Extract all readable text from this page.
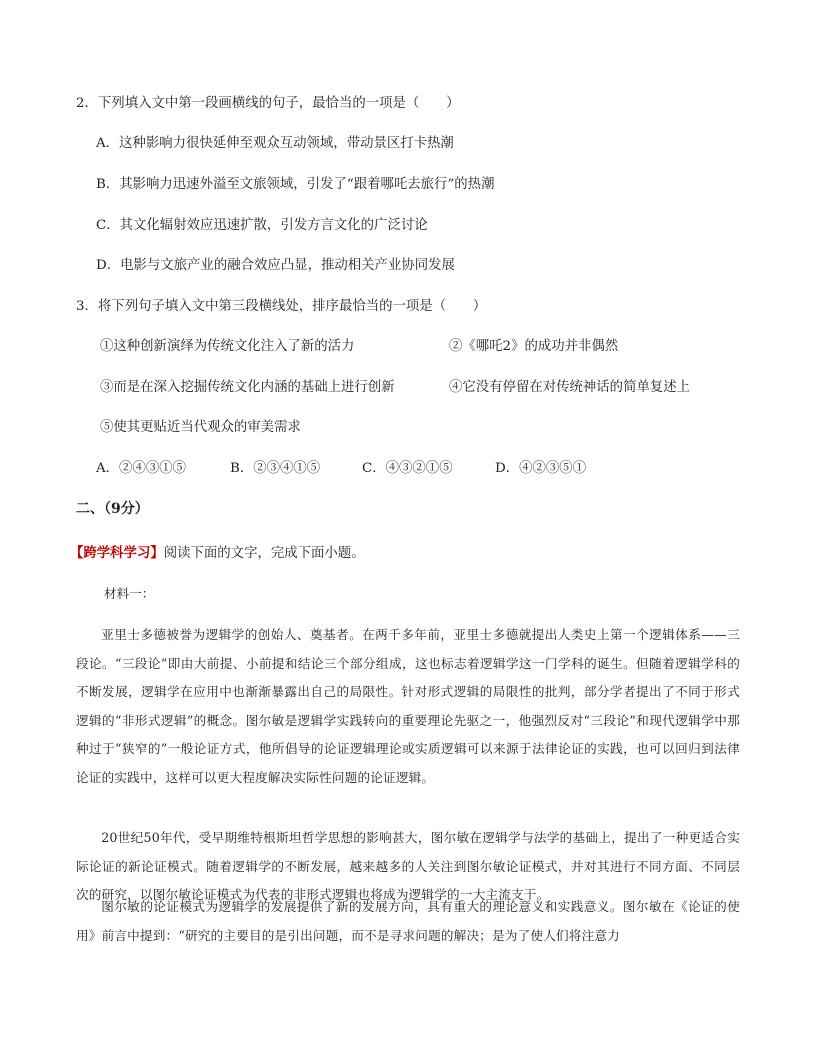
2．下列填入文中第一段画横线的句子，最恰当的一项是（　　）
A．这种影响力很快延伸至观众互动领域，带动景区打卡热潮
B．其影响力迅速外溢至文旅领域，引发了“跟着哪吒去旅行”的热潮
C．其文化辐射效应迅速扩散，引发方言文化的广泛讨论
D．电影与文旅产业的融合效应凸显，推动相关产业协同发展
3．将下列句子填入文中第三段横线处，排序最恰当的一项是（　　）
①这种创新演绎为传统文化注入了新的活力	②《哪吒2》的成功并非偶然
③而是在深入挖掘传统文化内涵的基础上进行创新	④它没有停留在对传统神话的简单复述上
⑤使其更贴近当代观众的审美需求
A．②④③①⑤	B．②③④①⑤	C．④③②①⑤	D．④②③⑤①
二、（9分）
【跨学科学习】阅读下面的文字，完成下面小题。
材料一：
亚里士多德被誉为逻辑学的创始人、奠基者。在两千多年前，亚里士多德就提出人类史上第一个逻辑体系——三段论。“三段论”即由大前提、小前提和结论三个部分组成，这也标志着逻辑学这一门学科的诞生。但随着逻辑学科的不断发展，逻辑学在应用中也渐渐暴露出自己的局限性。针对形式逻辑的局限性的批判，部分学者提出了不同于形式逻辑的“非形式逻辑”的概念。图尔敏是逻辑学实践转向的重要理论先驱之一，他强烈反对“三段论”和现代逻辑学中那种过于“狭窄的”一般论证方式，他所倡导的论证逻辑理论或实质逻辑可以来源于法律论证的实践，也可以回归到法律论证的实践中，这样可以更大程度解决实际性问题的论证逻辑。
20世纪50年代，受早期维特根斯坦哲学思想的影响甚大，图尔敏在逻辑学与法学的基础上，提出了一种更适合实际论证的新论证模式。随着逻辑学的不断发展，越来越多的人关注到图尔敏论证模式，并对其进行不同方面、不同层次的研究，以图尔敏论证模式为代表的非形式逻辑也将成为逻辑学的一大主流支干。
图尔敏的论证模式为逻辑学的发展提供了新的发展方向，具有重大的理论意义和实践意义。图尔敏在《论证的使用》前言中提到：“研究的主要目的是引出问题，而不是寻求问题的解决；是为了使人们将注意力
